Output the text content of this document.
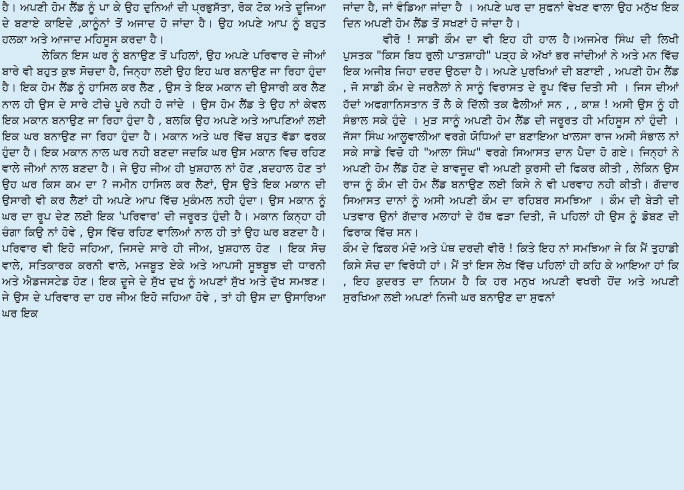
ਹੈ। ਅਪਣੀ ਹੋਮ ਲੈਂਡ ਨੂੰ ਪਾ ਕੇ ਉਹ ਦੁਨਿਆਂ ਦੀ ਪ੍ਰਭੁਸੱਤਾ, ਰੋਕ ਟੋਕ ਅਤੇ ਦੂਜਿਆ ਦੇ ਬਣਾਏ ਕਾਇਦੇ ,ਕਾਨੂੰਨਾਂ ਤੋਂ ਅਜਾਦ ਹੋ ਜਾਂਦਾ ਹੈ। ਉਹ ਅਪਣੇ ਆਪ ਨੂੰ ਬਹੁਤ ਹਲਕਾ ਅਤੇ ਆਜਾਦ ਮਹਿਸੂਸ ਕਰਦਾ ਹੈ।

ਲੇਕਿਨ ਇਸ ਘਰ ਨੂੰ ਬਨਾਉਣ ਤੋਂ ਪਹਿਲਾਂ, ਉਹ ਅਪਣੇ ਪਰਿਵਾਰ ਦੇ ਜੀਆਂ ਬਾਰੇ ਵੀ ਬਹੁਤ ਕੁਝ ਸੋਚਦਾ ਹੈ, ਜਿਨ੍ਹਾ ਲਈ ਉਹ ਇਹ ਘਰ ਬਨਾਉਣ ਜਾ ਰਿਹਾ ਹੁੰਦਾ ਹੈ। ਇਕ ਹੋਮ ਲੈਂਡ ਨੂੰ ਹਾਸਿਲ ਕਰ ਲੈਣ , ਉਸ ਤੇ ਇਕ ਮਕਾਨ ਦੀ ਉਸਾਰੀ ਕਰ ਲੈਣ ਨਾਲ ਹੀ ਉਸ ਦੇ ਸਾਰੇ ਟੀਚੇ ਪੂਰੇ ਨਹੀ ਹੋ ਜਾਂਦੇ । ਉਸ ਹੋਮ ਲੈਂਡ ਤੇ ਉਹ ਨਾਂ ਕੇਵਲ ਇਕ ਮਕਾਨ ਬਨਾਉਣ ਜਾ ਰਿਹਾ ਹੁੰਦਾ ਹੈ , ਬਲਕਿ ਉਹ ਅਪਣੇ ਅਤੇ ਆਪਣਿਆਂ ਲਈ ਇਕ ਘਰ ਬਨਾਉਣ ਜਾ ਰਿਹਾ ਹੁੰਦਾ ਹੈ। ਮਕਾਨ ਅਤੇ ਘਰ ਵਿੱਚ ਬਹੁਤ ਵੱਡਾ ਫਰਕ ਹੁੰਦਾ ਹੈ। ਇਕ ਮਕਾਨ ਨਾਲ ਘਰ ਨਹੀ ਬਣਦਾ ਜਦਕਿ ਘਰ ਉਸ ਮਕਾਨ ਵਿਚ ਰਹਿਣ ਵਾਲੇ ਜੀਆਂ ਨਾਲ ਬਣਦਾ ਹੈ। ਜੇ ਉਹ ਜੀਅ ਹੀ ਖੁਸ਼ਹਾਲ ਨਾਂ ਹੋਣ ,ਬਦਹਾਲ ਹੋਣ ਤਾਂ ਉਹ ਘਰ ਕਿਸ ਕਮ ਦਾ ? ਜਮੀਨ ਹਾਸਿਲ ਕਰ ਲੈਣਾਂ, ਉਸ ਉਤੇ ਇਕ ਮਕਾਨ ਦੀ ਉਸਾਰੀ ਵੀ ਕਰ ਲੈਣਾਂ ਹੀ ਅਪਣੇ ਆਪ ਵਿੱਚ ਮੁਕੰਮਲ ਨਹੀ ਹੁੰਦਾ। ਉਸ ਮਕਾਨ ਨੂੰ ਘਰ ਦਾ ਰੂਪ ਦੇਣ ਲਈ ਇਕ 'ਪਰਿਵਾਰ' ਦੀ ਜਰੂਰਤ ਹੁੰਦੀ ਹੈ। ਮਕਾਨ ਕਿਨ੍ਹਾ ਹੀ ਚੰਗਾ ਕਿਉ ਨਾਂ ਹੋਵੇ , ਉਸ ਵਿੱਚ ਰਹਿਣ ਵਾਲਿਆਂ ਨਾਲ ਹੀ ਤਾਂ ਉਹ ਘਰ ਬਣਦਾ ਹੈ। ਪਰਿਵਾਰ ਵੀ ਇਹੋ ਜਹਿਆ, ਜਿਸਦੇ ਸਾਰੇ ਹੀ ਜੀਅ, ਖੁਸ਼ਹਾਲ ਹੋਣ । ਇਕ ਸੋਚ ਵਾਲੇ, ਸਤਿਕਾਰਕ ਕਰਨੀ ਵਾਲੇ, ਮਜਬੂਤ ਏਕੇ ਅਤੇ ਆਪਸੀ ਸੂਝਬੂਝ ਦੀ ਧਾਰਨੀ ਅਤੇ ਐਡਜਸਟੇਡ ਹੋਣ। ਇਕ ਦੂਜੇ ਦੇ ਸੁੱਖ ਦੁਖ ਨੂੰ ਅਪਣਾਂ ਸੁੱਖ ਅਤੇ ਦੁੱਖ ਸਮਝਣ। ਜੇ ਉਸ ਦੇ ਪਰਿਵਾਰ ਦਾ ਹਰ ਜੀਅ ਇਹੋ ਜਹਿਆ ਹੋਵੇ , ਤਾਂ ਹੀ ਉਸ ਦਾ ਉਸਾਰਿਆ ਘਰ ਇਕ

ਜਾਂਦਾ ਹੈ, ਜਾਂ ਵੰਡਿਆ ਜਾਂਦਾ ਹੈ । ਅਪਣੇ ਘਰ ਦਾ ਸੁਫਨਾਂ ਵੇਖਣ ਵਾਲਾ ਉਹ ਮਨੁੱਖ ਇਕ ਦਿਨ ਅਪਣੀ ਹੋਮ ਲੈਂਡ ਤੋਂ ਸਖਣਾਂ ਹੋ ਜਾਂਦਾ ਹੈ।

ਵੀਰੋ ! ਸਾਡੀ ਕੌਮ ਦਾ ਵੀ ਇਹ ਹੀ ਹਾਲ ਹੈ।ਅਜਮੇਰ ਸਿੰਘ ਦੀ ਲਿਖੀ ਪੁਸਤਕ "ਕਿਸ ਬਿਧ ਰੁਲੀ ਪਾਤਸ਼ਾਹੀ" ਪੜ੍ਹ ਕੇ ਅੱਖਾਂ ਭਰ ਜਾਂਦੀਆਂ ਨੇ ਅਤੇ ਮਨ ਵਿੱਚ ਇਕ ਅਜੀਬ ਜਿਹਾ ਦਰਦ ਉਠਦਾ ਹੈ। ਅਪਣੇ ਪੁਰਖਿਆਂ ਦੀ ਬਣਾਈ , ਅਪਣੀ ਹੋਮ ਲੈਂਡ , ਜੋ ਸਾਡੀ ਕੌਮ ਦੇ ਜਰਨੈਲਾਂ ਨੇ ਸਾਨੂੰ ਵਿਰਾਸਤ ਦੇ ਰੂਪ ਵਿੱਚ ਦਿਤੀ ਸੀ । ਜਿਸ ਦੀਆਂ ਹੱਦਾਂ ਅਫਗਾਨਿਸਤਾਨ ਤੋਂ ਲੈ ਕੇ ਦਿੱਲੀ ਤਕ ਫੈਲੀਆਂ ਸਨ , , ਕਾਸ਼ ! ਅਸੀ ਉਸ ਨੂੰ ਹੀ ਸੰਭਾਲ ਸਕੇ ਹੁੰਦੇ । ਮੁੜ ਸਾਨੂੰ ਅਪਣੀ ਹੋਮ ਲੈਂਡ ਦੀ ਜਰੂਰਤ ਹੀ ਮਹਿਸੂਸ ਨਾਂ ਹੁੰਦੀ । ਜੱਸਾ ਸਿੰਘ ਆਲੂਵਾਲੀਆ ਵਰਗੇ ਯੋਧਿਆਂ ਦਾ ਬਣਾਇਆ ਖਾਲਸਾ ਰਾਜ ਅਸੀ ਸੰਭਾਲ ਨਾਂ ਸਕੇ ਸਾਡੇ ਵਿਚੋ ਹੀ "ਆਲਾ ਸਿੰਘ" ਵਰਗੇ ਸਿਆਸਤ ਦਾਨ ਪੈਦਾ ਹੋ ਗਏ। ਜਿਨ੍ਹਾਂ ਨੇ ਅਪਣੀ ਹੋਮ ਲੈਂਡ ਹੋਣ ਦੇ ਬਾਵਜੂਦ ਵੀ ਅਪਣੀ ਕੁਰਸੀ ਦੀ ਫਿਕਰ ਕੀਤੀ , ਲੇਕਿਨ ਉਸ ਰਾਜ ਨੂੰ ਕੌਮ ਦੀ ਹੋਮ ਲੈਂਡ ਬਨਾਉਣ ਲਈ ਕਿਸੇ ਨੇ ਵੀ ਪਰਵਾਹ ਨਹੀ ਕੀਤੀ। ਗੱਦਾਰ ਸਿਆਸਤ ਦਾਨਾਂ ਨੂੰ ਅਸੀ ਅਪਣੀ ਕੌਮ ਦਾ ਰਹਿਬਰ ਸਮਝਿਆ । ਕੌਮ ਦੀ ਬੇੜੀ ਦੀ ਪਤਵਾਰ ਉਨਾਂ ਗੱਦਾਰ ਮਲਾਹਾਂ ਦੇ ਹੱਥ ਫੜਾ ਦਿਤੀ, ਜੋ ਪਹਿਲਾਂ ਹੀ ਉਸ ਨੂੰ ਡੋਬਣ ਦੀ ਫਿਰਾਕ ਵਿੱਚ ਸਨ।

ਕੌਮ ਦੇ ਫਿਕਰ ਮੰਦੋ ਅਤੇ ਪੰਥ ਦਰਦੀ ਵੀਰੋ ! ਕਿਤੇ ਇਹ ਨਾਂ ਸਮਝਿਆ ਜੇ ਕਿ ਮੈਂ ਤੁਹਾਡੀ ਕਿਸੇ ਸੋਚ ਦਾ ਵਿਰੋਧੀ ਹਾਂ। ਮੈਂ ਤਾਂ ਇਸ ਲੇਖ ਵਿੱਚ ਪਹਿਲਾਂ ਹੀ ਕਹਿ ਕੇ ਆਇਆ ਹਾਂ ਕਿ , ਇਹ ਕੁਦਰਤ ਦਾ ਨਿਯਮ ਹੈ ਕਿ ਹਰ ਮਨੁਖ ਅਪਣੀ ਵਖਰੀ ਹੋਂਦ ਅਤੇ ਅਪਣੀ ਸੁਰਖਿਆ ਲਈ ਅਪਣਾਂ ਨਿਜੀ ਘਰ ਬਨਾਉਣ ਦਾ ਸੁਫਨਾਂ
